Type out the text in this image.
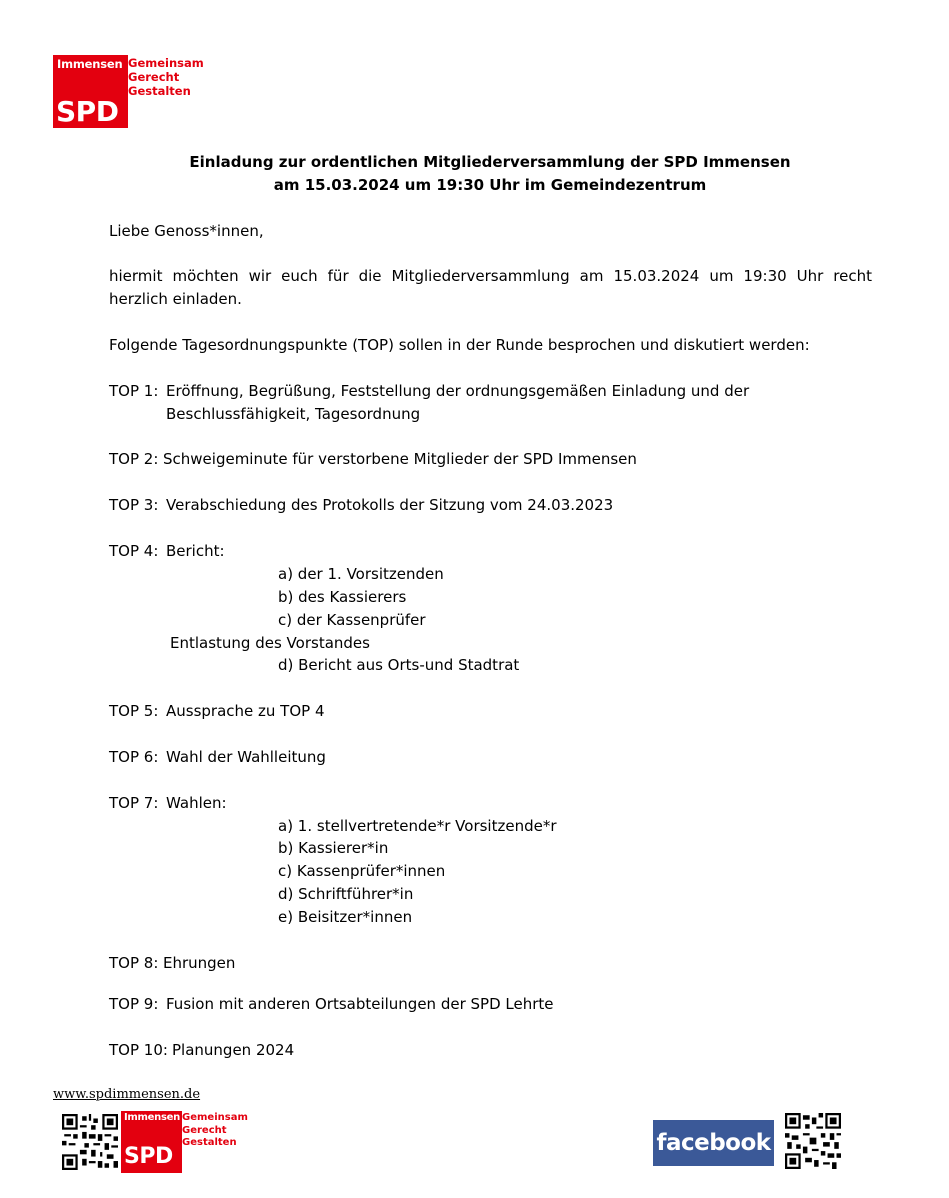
Immensen
SPD
Gemeinsam
Gerecht
Gestalten
Einladung zur ordentlichen Mitgliederversammlung der SPD Immensen
am 15.03.2024 um 19:30 Uhr im Gemeindezentrum
Liebe Genoss*innen,
hiermit möchten wir euch für die Mitgliederversammlung am 15.03.2024 um 19:30 Uhr recht
herzlich einladen.
Folgende Tagesordnungspunkte (TOP) sollen in der Runde besprochen und diskutiert werden:
TOP 1: Eröffnung, Begrüßung, Feststellung der ordnungsgemäßen Einladung und der
Beschlussfähigkeit, Tagesordnung
TOP 2: Schweigeminute für verstorbene Mitglieder der SPD Immensen
TOP 3: Verabschiedung des Protokolls der Sitzung vom 24.03.2023
TOP 4: Bericht:
a) der 1. Vorsitzenden
b) des Kassierers
c) der Kassenprüfer
Entlastung des Vorstandes
d) Bericht aus Orts-und Stadtrat
TOP 5: Aussprache zu TOP 4
TOP 6: Wahl der Wahlleitung
TOP 7: Wahlen:
a) 1. stellvertretende*r Vorsitzende*r
b) Kassierer*in
c) Kassenprüfer*innen
d) Schriftführer*in
e) Beisitzer*innen
TOP 8: Ehrungen
TOP 9: Fusion mit anderen Ortsabteilungen der SPD Lehrte
TOP 10: Planungen 2024
www.spdimmensen.de
Immensen
SPD
Gemeinsam
Gerecht
Gestalten	facebook
